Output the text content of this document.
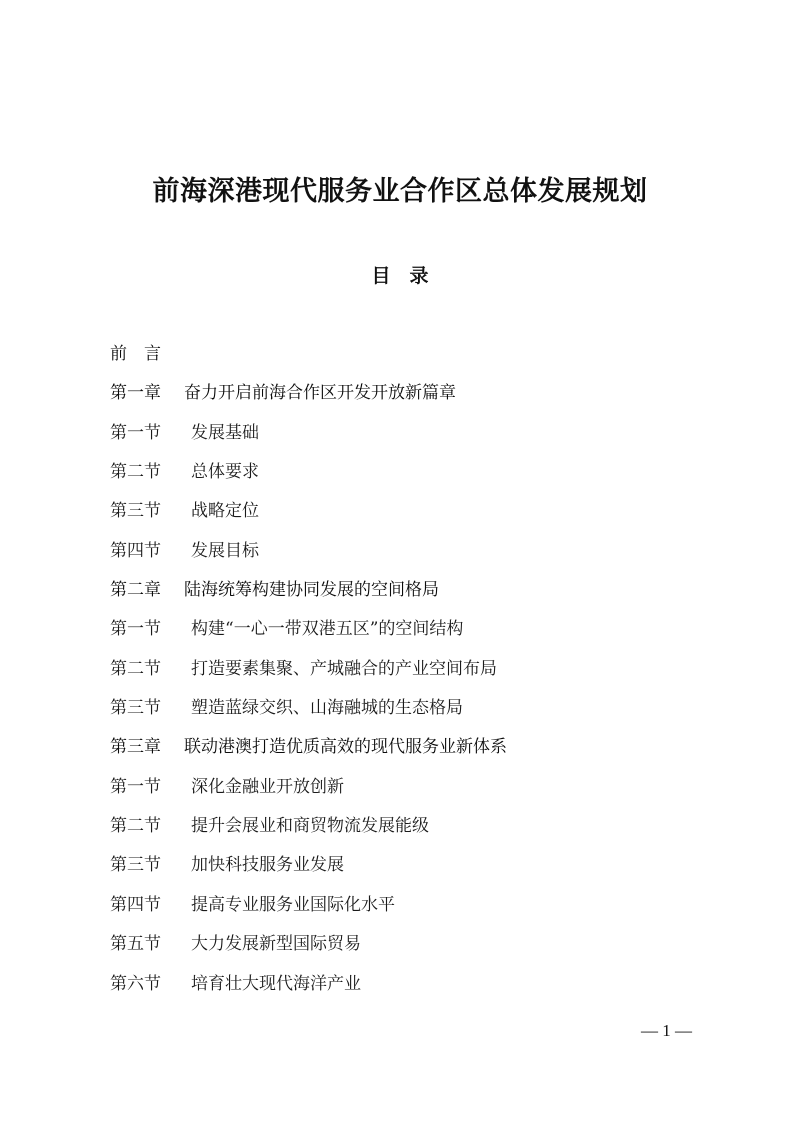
前海深港现代服务业合作区总体发展规划
目　录
前　言
第一章	奋力开启前海合作区开发开放新篇章
第一节	发展基础
第二节	总体要求
第三节	战略定位
第四节	发展目标
第二章	陆海统筹构建协同发展的空间格局
第一节	构建“一心一带双港五区”的空间结构
第二节	打造要素集聚、产城融合的产业空间布局
第三节	塑造蓝绿交织、山海融城的生态格局
第三章	联动港澳打造优质高效的现代服务业新体系
第一节	深化金融业开放创新
第二节	提升会展业和商贸物流发展能级
第三节	加快科技服务业发展
第四节	提高专业服务业国际化水平
第五节	大力发展新型国际贸易
第六节	培育壮大现代海洋产业
— 1 —
